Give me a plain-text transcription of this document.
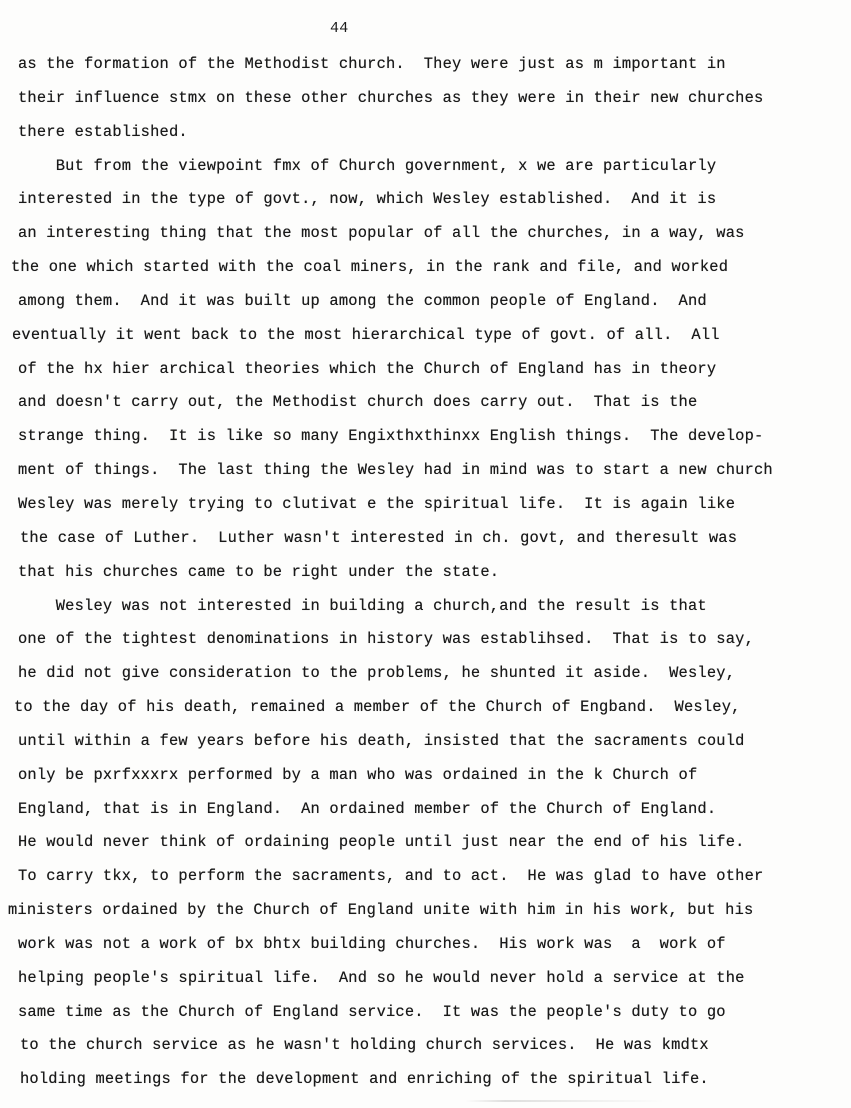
44
as the formation of the Methodist church.  They were just as m important in
their influence stmx on these other churches as they were in their new churches
there established.
But from the viewpoint fmx of Church government, x we are particularly
interested in the type of govt., now, which Wesley established.  And it is
an interesting thing that the most popular of all the churches, in a way, was
the one which started with the coal miners, in the rank and file, and worked
among them.  And it was built up among the common people of England.  And
eventually it went back to the most hierarchical type of govt. of all.  All
of the hx hier archical theories which the Church of England has in theory
and doesn't carry out, the Methodist church does carry out.  That is the
strange thing.  It is like so many Engixthxthinxx English things.  The develop-
ment of things.  The last thing the Wesley had in mind was to start a new church
Wesley was merely trying to clutivat e the spiritual life.  It is again like
the case of Luther.  Luther wasn't interested in ch. govt, and theresult was
that his churches came to be right under the state.
Wesley was not interested in building a church,and the result is that
one of the tightest denominations in history was establihsed.  That is to say,
he did not give consideration to the problems, he shunted it aside.  Wesley,
to the day of his death, remained a member of the Church of Engband.  Wesley,
until within a few years before his death, insisted that the sacraments could
only be pxrfxxxrx performed by a man who was ordained in the k Church of
England, that is in England.  An ordained member of the Church of England.
He would never think of ordaining people until just near the end of his life.
To carry tkx, to perform the sacraments, and to act.  He was glad to have other
ministers ordained by the Church of England unite with him in his work, but his
work was not a work of bx bhtx building churches.  His work was  a  work of
helping people's spiritual life.  And so he would never hold a service at the
same time as the Church of England service.  It was the people's duty to go
to the church service as he wasn't holding church services.  He was kmdtx
holding meetings for the development and enriching of the spiritual life.
